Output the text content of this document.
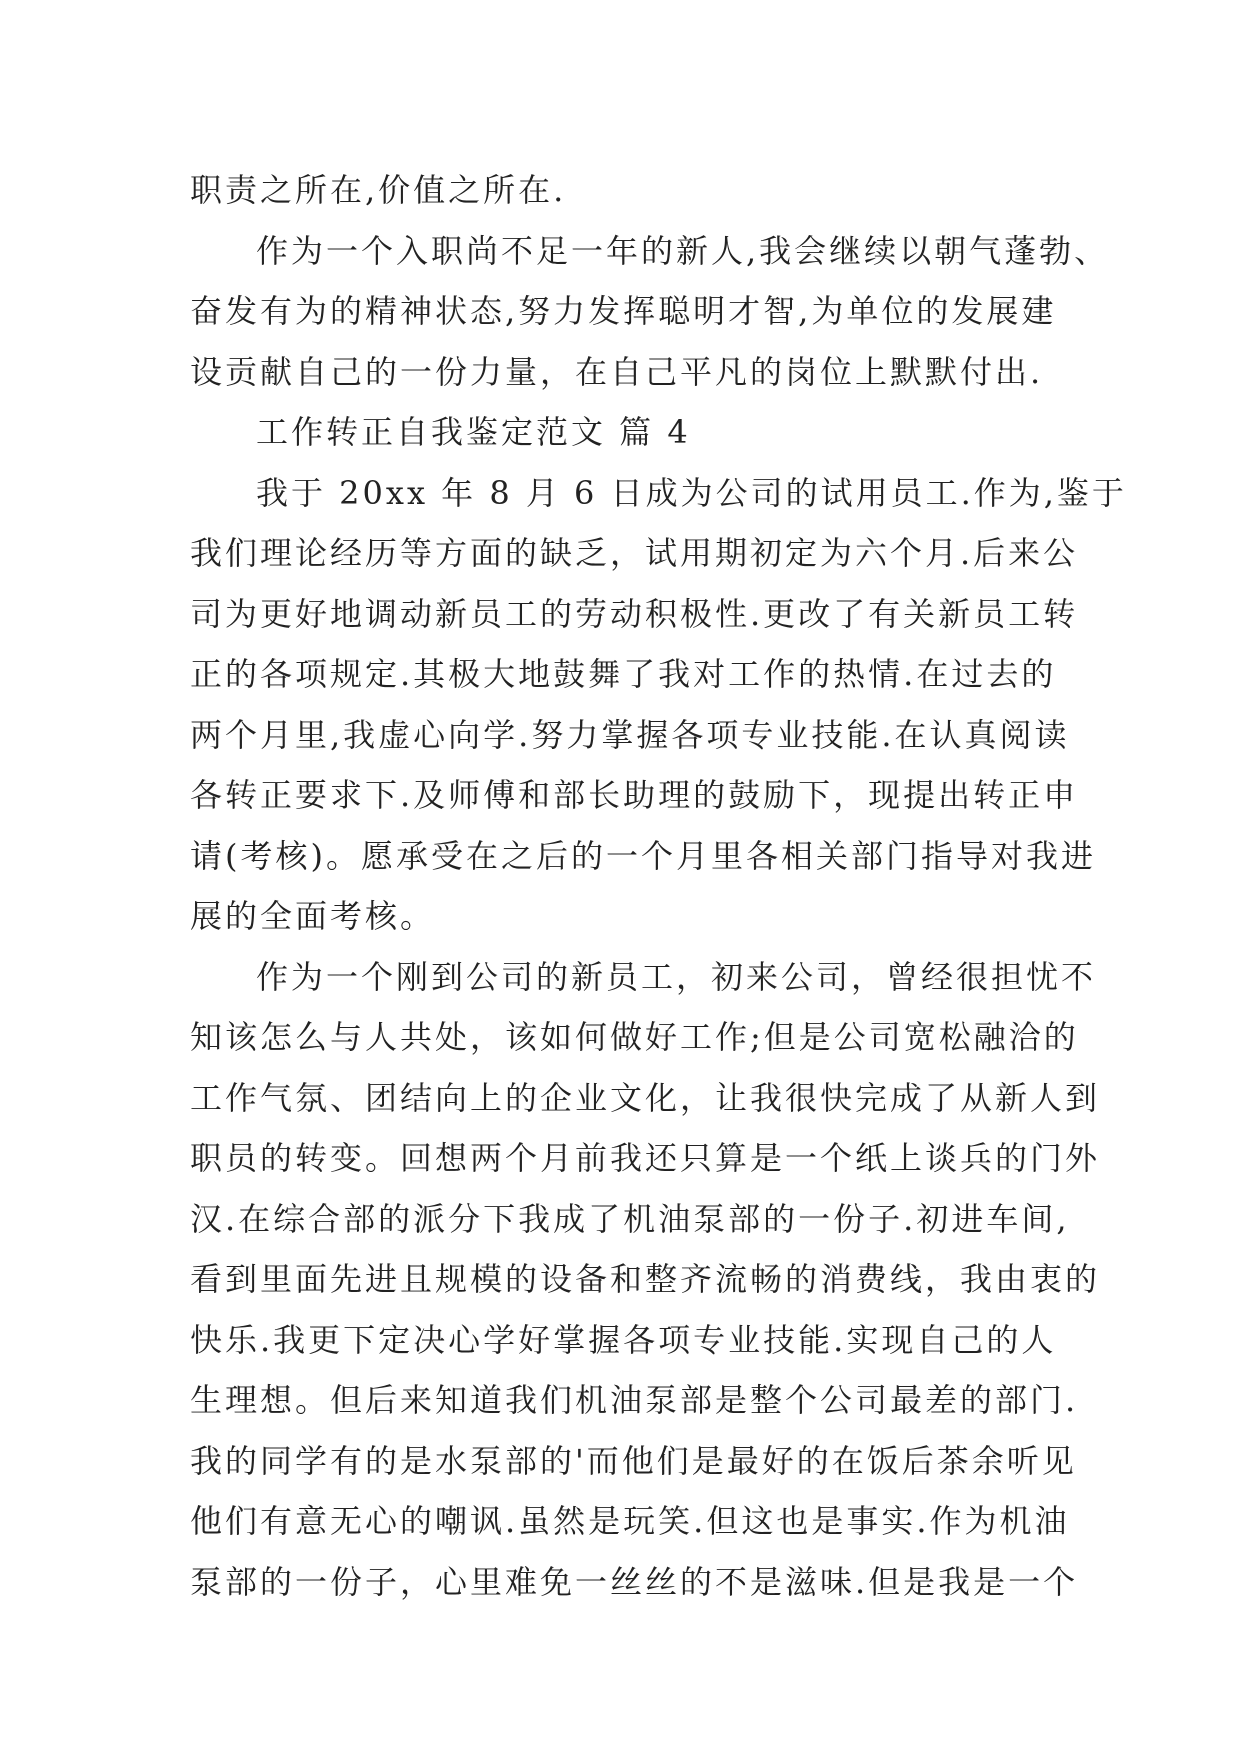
职责之所在,价值之所在.
作为一个入职尚不足一年的新人,我会继续以朝气蓬勃、
奋发有为的精神状态,努力发挥聪明才智,为单位的发展建
设贡献自己的一份力量，在自己平凡的岗位上默默付出.
工作转正自我鉴定范文 篇 4
我于 20xx 年 8 月 6 日成为公司的试用员工.作为,鉴于
我们理论经历等方面的缺乏，试用期初定为六个月.后来公
司为更好地调动新员工的劳动积极性.更改了有关新员工转
正的各项规定.其极大地鼓舞了我对工作的热情.在过去的
两个月里,我虚心向学.努力掌握各项专业技能.在认真阅读
各转正要求下.及师傅和部长助理的鼓励下，现提出转正申
请(考核)。愿承受在之后的一个月里各相关部门指导对我进
展的全面考核。
作为一个刚到公司的新员工，初来公司，曾经很担忧不
知该怎么与人共处，该如何做好工作;但是公司宽松融洽的
工作气氛、团结向上的企业文化，让我很快完成了从新人到
职员的转变。回想两个月前我还只算是一个纸上谈兵的门外
汉.在综合部的派分下我成了机油泵部的一份子.初进车间,
看到里面先进且规模的设备和整齐流畅的消费线，我由衷的
快乐.我更下定决心学好掌握各项专业技能.实现自己的人
生理想。但后来知道我们机油泵部是整个公司最差的部门.
我的同学有的是水泵部的'而他们是最好的在饭后茶余听见
他们有意无心的嘲讽.虽然是玩笑.但这也是事实.作为机油
泵部的一份子，心里难免一丝丝的不是滋味.但是我是一个
